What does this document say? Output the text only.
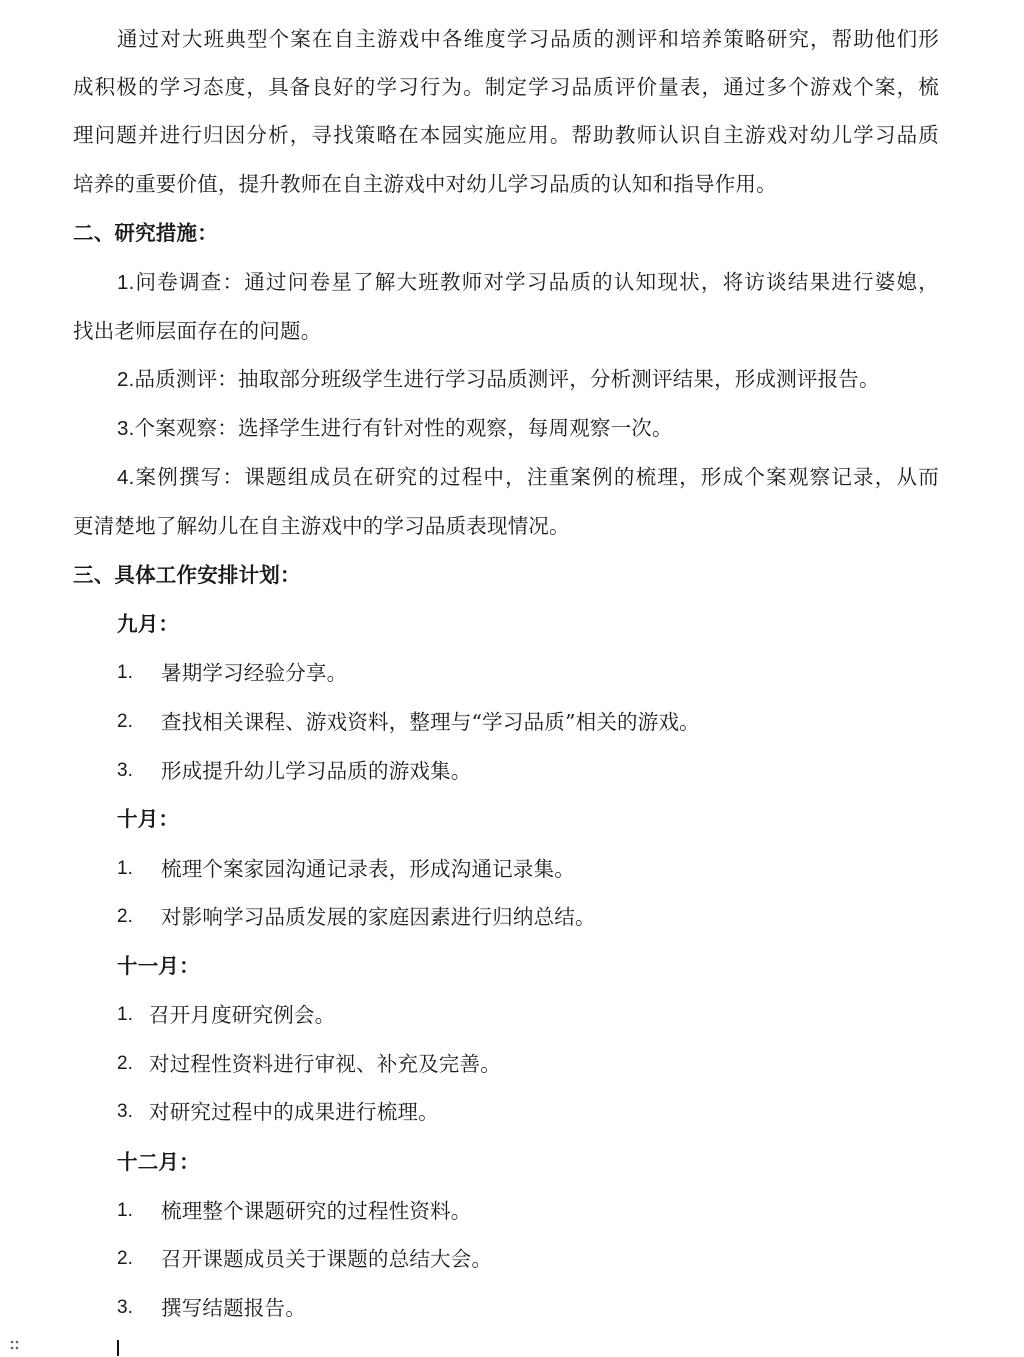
通过对大班典型个案在自主游戏中各维度学习品质的测评和培养策略研究，帮助他们形
成积极的学习态度，具备良好的学习行为。制定学习品质评价量表，通过多个游戏个案，梳
理问题并进行归因分析，寻找策略在本园实施应用。帮助教师认识自主游戏对幼儿学习品质
培养的重要价值，提升教师在自主游戏中对幼儿学习品质的认知和指导作用。
二、研究措施：
1.问卷调查：通过问卷星了解大班教师对学习品质的认知现状，将访谈结果进行婆媳，
找出老师层面存在的问题。
2.品质测评：抽取部分班级学生进行学习品质测评，分析测评结果，形成测评报告。
3.个案观察：选择学生进行有针对性的观察，每周观察一次。
4.案例撰写：课题组成员在研究的过程中，注重案例的梳理，形成个案观察记录，从而
更清楚地了解幼儿在自主游戏中的学习品质表现情况。
三、具体工作安排计划：
九月：
1. 暑期学习经验分享。
2. 查找相关课程、游戏资料，整理与“学习品质”相关的游戏。
3. 形成提升幼儿学习品质的游戏集。
十月：
1. 梳理个案家园沟通记录表，形成沟通记录集。
2. 对影响学习品质发展的家庭因素进行归纳总结。
十一月：
1. 召开月度研究例会。
2. 对过程性资料进行审视、补充及完善。
3. 对研究过程中的成果进行梳理。
十二月：
1. 梳理整个课题研究的过程性资料。
2. 召开课题成员关于课题的总结大会。
3. 撰写结题报告。
